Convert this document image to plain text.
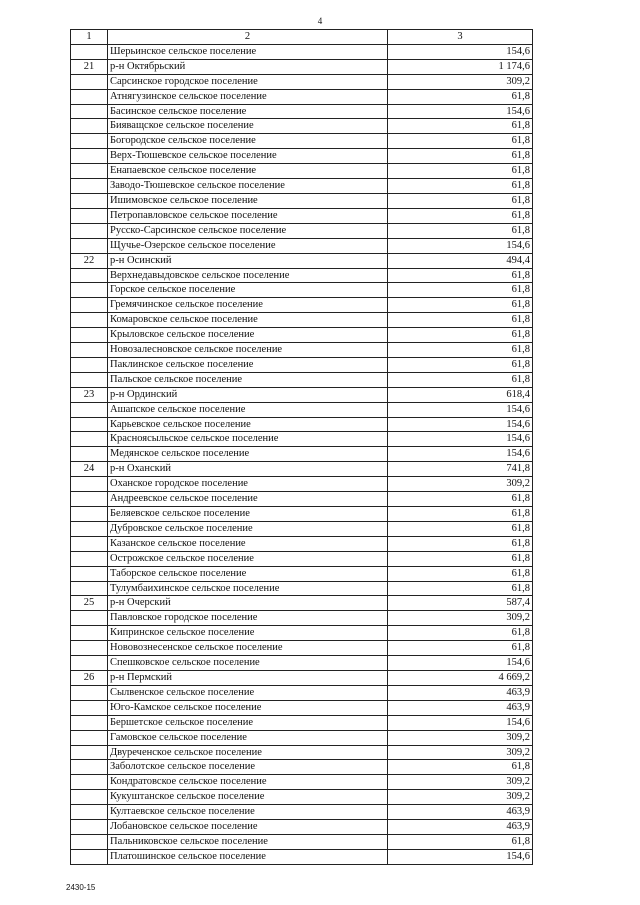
4
1	2	3
	Шерьинское сельское поселение	154,6
21	р-н Октябрьский	1 174,6
	Сарсинское городское поселение	309,2
	Атнягузинское сельское поселение	61,8
	Басинское сельское поселение	154,6
	Бияващское сельское поселение	61,8
	Богородское сельское поселение	61,8
	Верх-Тюшевское сельское поселение	61,8
	Енапаевское сельское поселение	61,8
	Заводо-Тюшевское сельское поселение	61,8
	Ишимовское сельское поселение	61,8
	Петропавловское сельское поселение	61,8
	Русско-Сарсинское сельское поселение	61,8
	Щучье-Озерское сельское поселение	154,6
22	р-н Осинский	494,4
	Верхнедавыдовское сельское поселение	61,8
	Горское сельское поселение	61,8
	Гремячинское сельское поселение	61,8
	Комаровское сельское поселение	61,8
	Крыловское сельское поселение	61,8
	Новозалесновское сельское поселение	61,8
	Паклинское сельское поселение	61,8
	Пальское сельское поселение	61,8
23	р-н Ординский	618,4
	Ашапское сельское поселение	154,6
	Карьевское сельское поселение	154,6
	Красноясыльское сельское поселение	154,6
	Медянское сельское поселение	154,6
24	р-н Оханский	741,8
	Оханское городское поселение	309,2
	Андреевское сельское поселение	61,8
	Беляевское сельское поселение	61,8
	Дубровское сельское поселение	61,8
	Казанское сельское поселение	61,8
	Острожское сельское поселение	61,8
	Таборское сельское поселение	61,8
	Тулумбаихинское сельское поселение	61,8
25	р-н Очерский	587,4
	Павловское городское поселение	309,2
	Кипринское сельское поселение	61,8
	Нововознесенское сельское поселение	61,8
	Спешковское сельское поселение	154,6
26	р-н Пермский	4 669,2
	Сылвенское сельское поселение	463,9
	Юго-Камское сельское поселение	463,9
	Бершетское сельское поселение	154,6
	Гамовское сельское поселение	309,2
	Двуреченское сельское поселение	309,2
	Заболотское сельское поселение	61,8
	Кондратовское сельское поселение	309,2
	Кукуштанское сельское поселение	309,2
	Култаевское сельское поселение	463,9
	Лобановское сельское поселение	463,9
	Пальниковское сельское поселение	61,8
	Платошинское сельское поселение	154,6
2430-15
